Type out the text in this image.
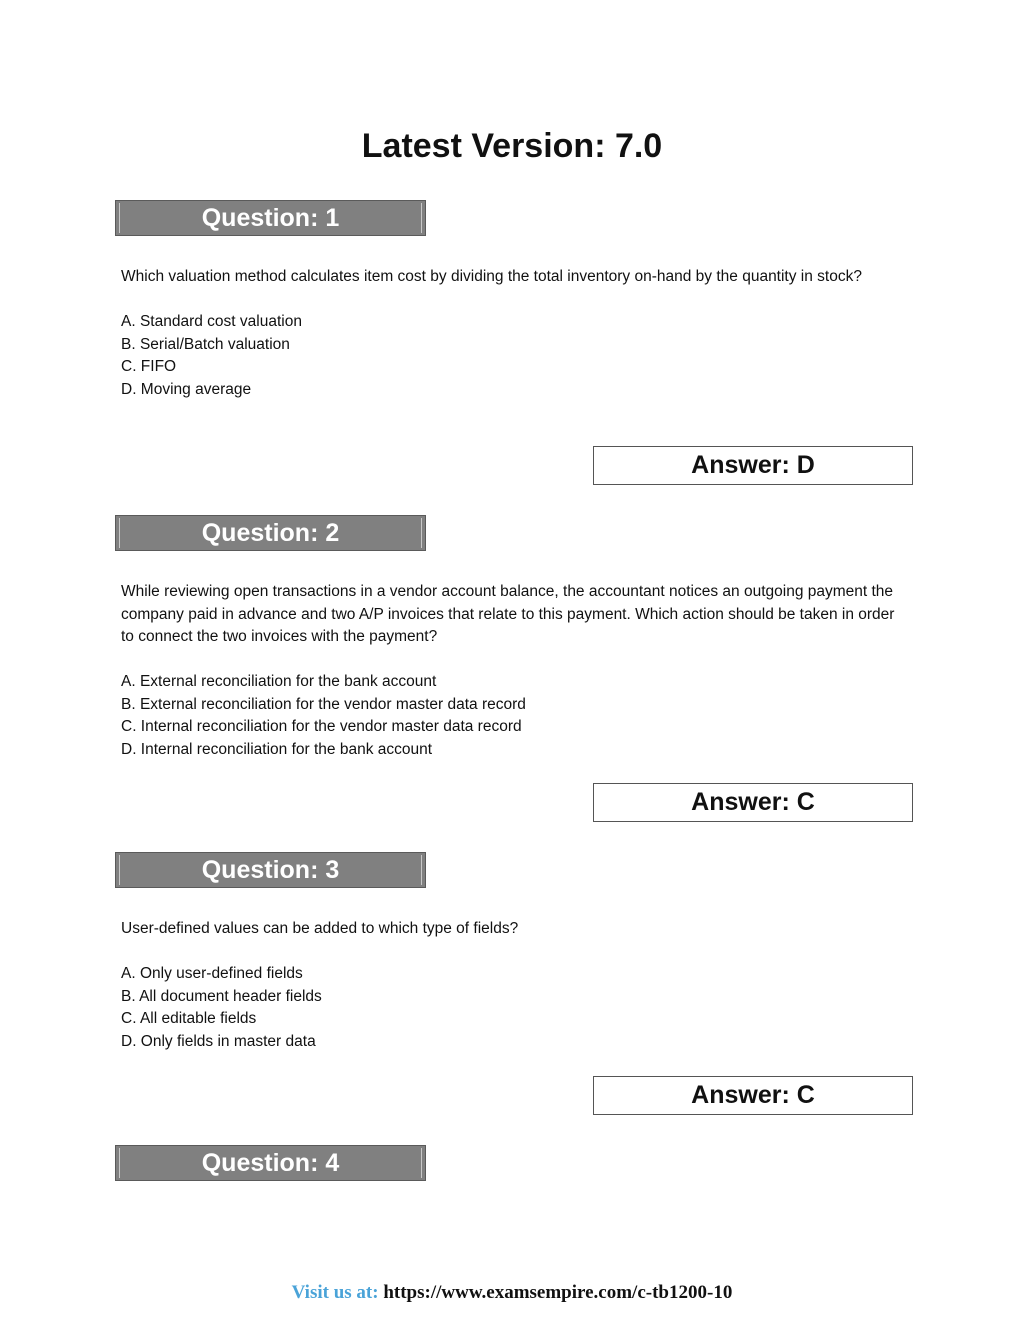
Latest Version: 7.0
Question: 1

Which valuation method calculates item cost by dividing the total inventory on-hand by the quantity in stock?

A. Standard cost valuation
B. Serial/Batch valuation
C. FIFO
D. Moving average
Answer: D
Question: 2

While reviewing open transactions in a vendor account balance, the accountant notices an outgoing payment the company paid in advance and two A/P invoices that relate to this payment. Which action should be taken in order to connect the two invoices with the payment?

A. External reconciliation for the bank account
B. External reconciliation for the vendor master data record
C. Internal reconciliation for the vendor master data record
D. Internal reconciliation for the bank account
Answer: C
Question: 3

User-defined values can be added to which type of fields?

A. Only user-defined fields
B. All document header fields
C. All editable fields
D. Only fields in master data
Answer: C
Question: 4
Visit us at: https://www.examsempire.com/c-tb1200-10
